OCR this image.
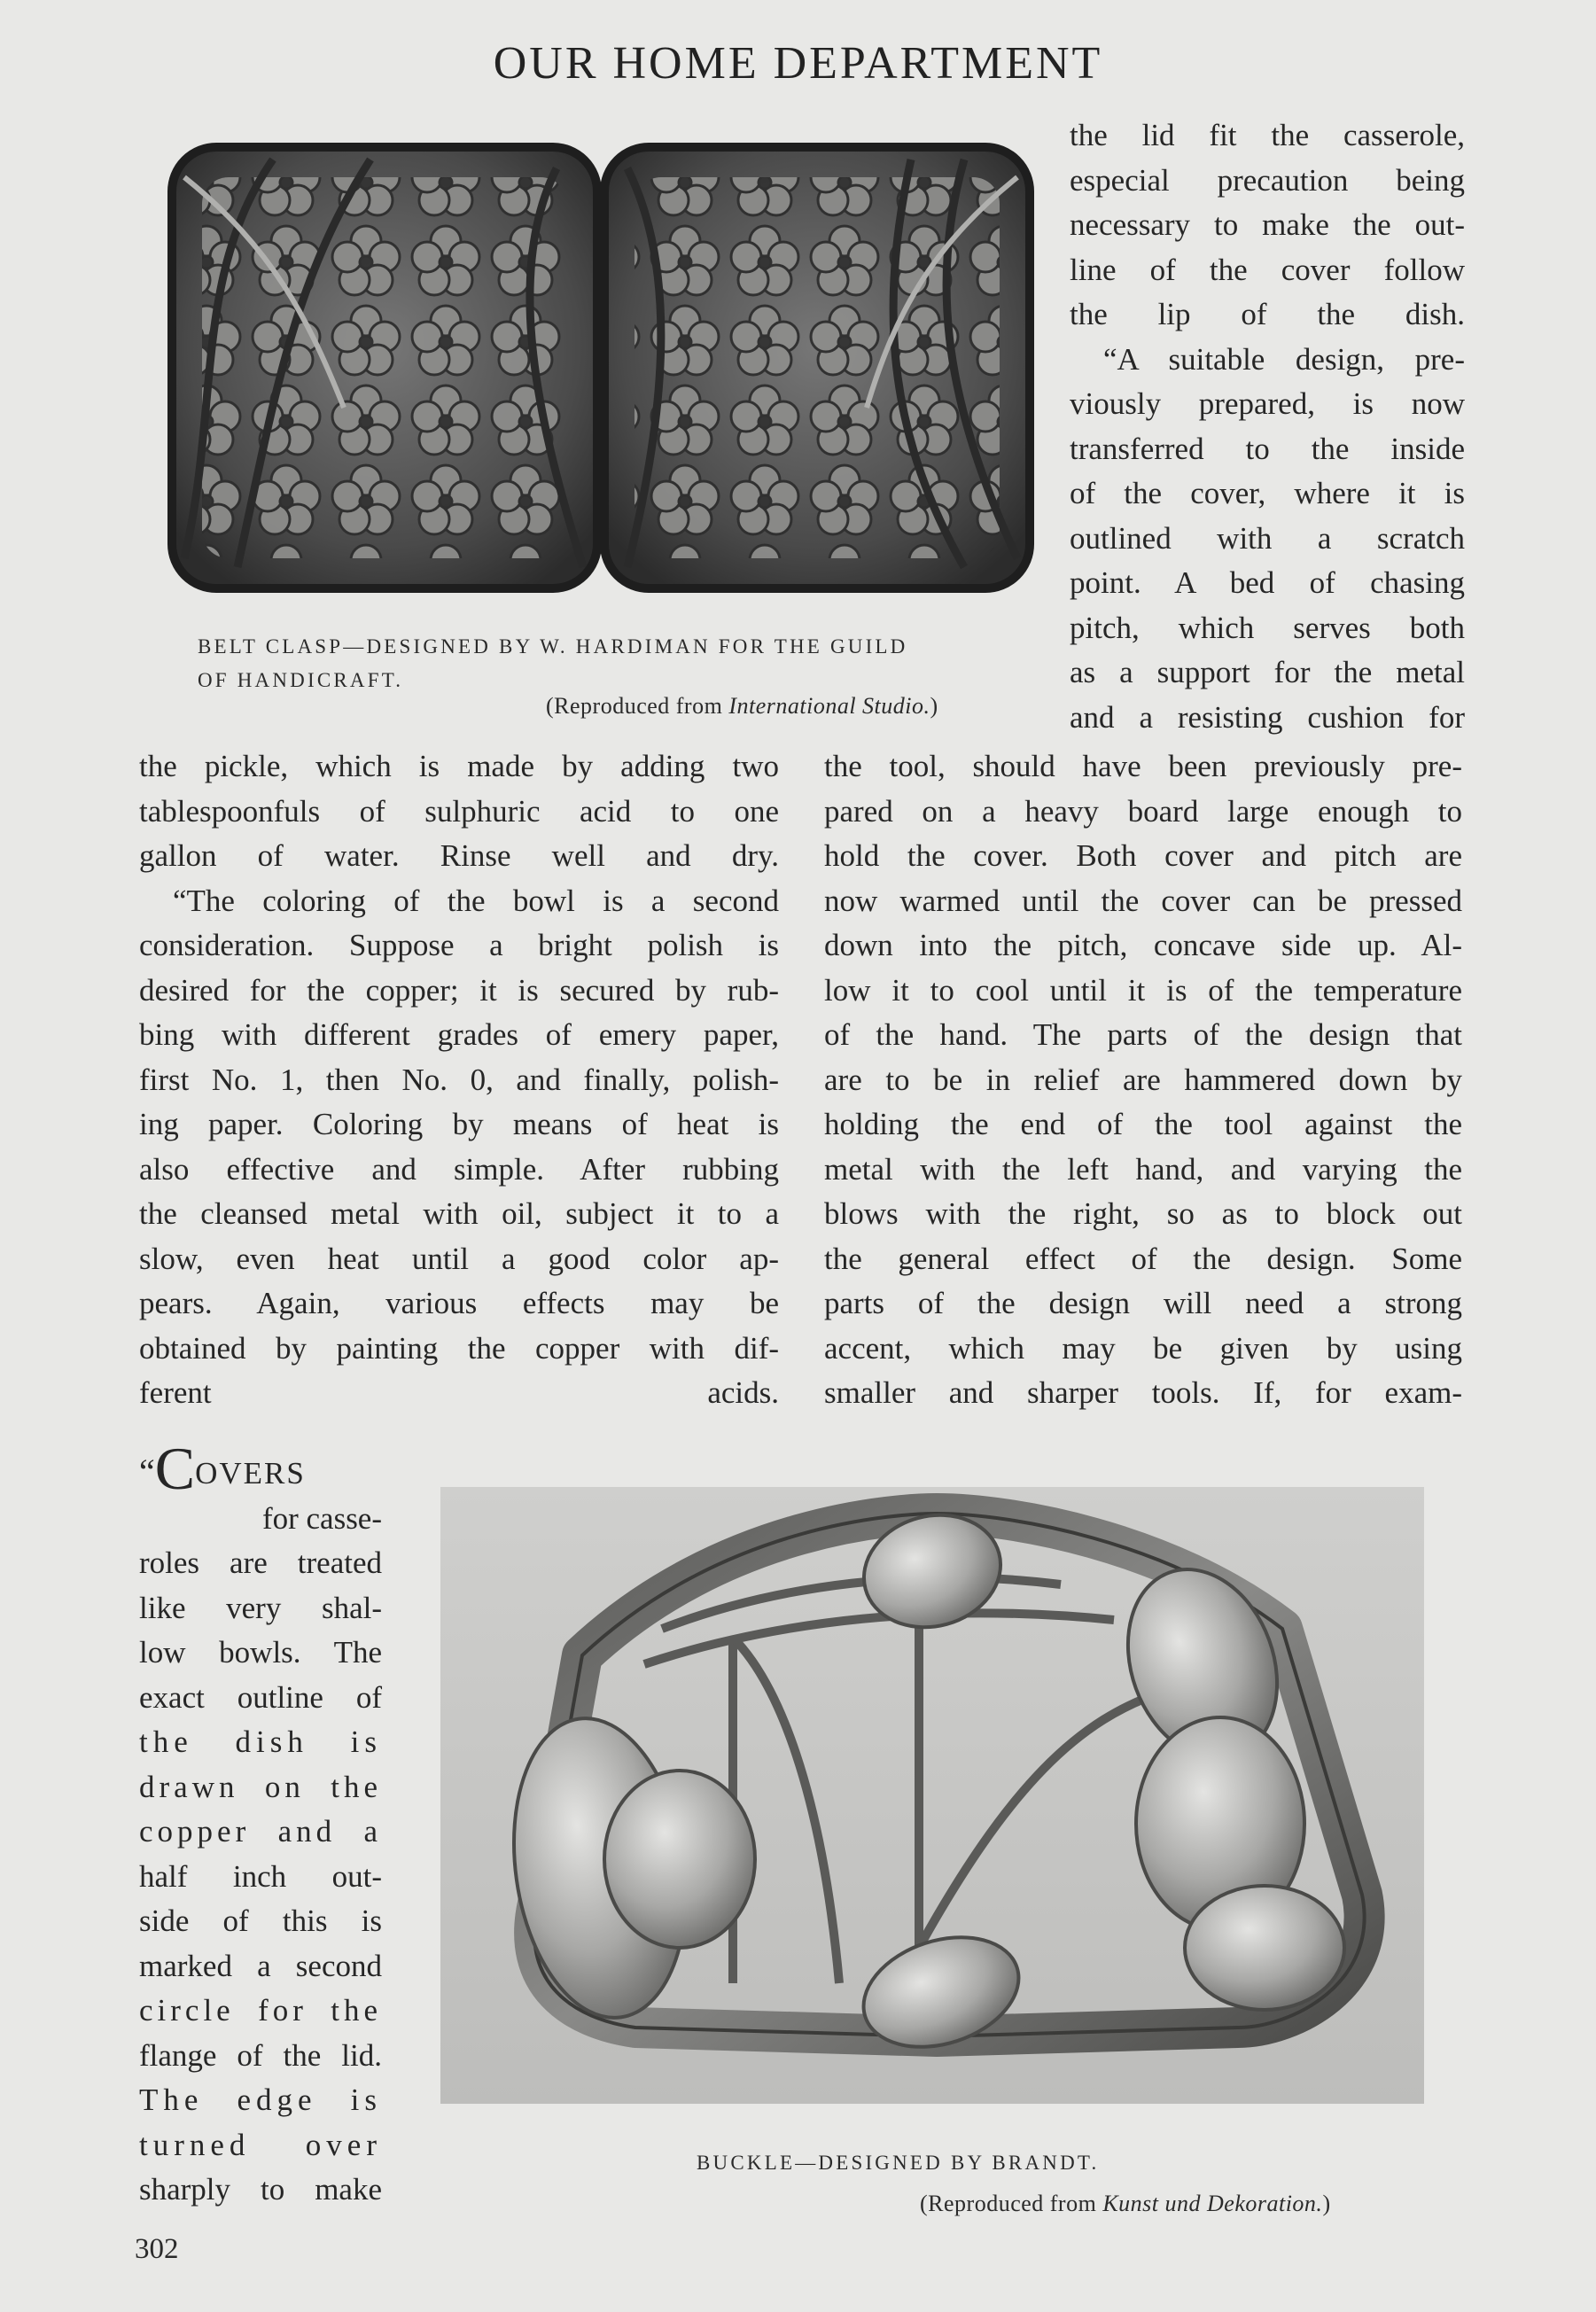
OUR HOME DEPARTMENT
BELT CLASP—DESIGNED BY W. HARDIMAN FOR THE GUILD
OF HANDICRAFT.
(Reproduced from International Studio.)
the lid fit the casserole,
especial precaution being
necessary to make the out-
line of the cover follow
the lip of the dish.
“A suitable design, pre-
viously prepared, is now
transferred to the inside
of the cover, where it is
outlined with a scratch
point. A bed of chasing
pitch, which serves both
as a support for the metal
and a resisting cushion for
the pickle, which is made by adding two
tablespoonfuls of sulphuric acid to one
gallon of water. Rinse well and dry.
“The coloring of the bowl is a second
consideration. Suppose a bright polish is
desired for the copper; it is secured by rub-
bing with different grades of emery paper,
first No. 1, then No. 0, and finally, polish-
ing paper. Coloring by means of heat is
also effective and simple. After rubbing
the cleansed metal with oil, subject it to a
slow, even heat until a good color ap-
pears. Again, various effects may be
obtained by painting the copper with dif-
ferent acids.
the tool, should have been previously pre-
pared on a heavy board large enough to
hold the cover. Both cover and pitch are
now warmed until the cover can be pressed
down into the pitch, concave side up. Al-
low it to cool until it is of the temperature
of the hand. The parts of the design that
are to be in relief are hammered down by
holding the end of the tool against the
metal with the left hand, and varying the
blows with the right, so as to block out
the general effect of the design. Some
parts of the design will need a strong
accent, which may be given by using
smaller and sharper tools. If, for exam-
“COVERS
for casse-
roles are treated
like very shal-
low bowls. The
exact outline of
the dish is
drawn on the
copper and a
half inch out-
side of this is
marked a second
circle for the
flange of the lid.
The edge is
turned over
sharply to make
BUCKLE—DESIGNED BY BRANDT.
(Reproduced from Kunst und Dekoration.)
302
